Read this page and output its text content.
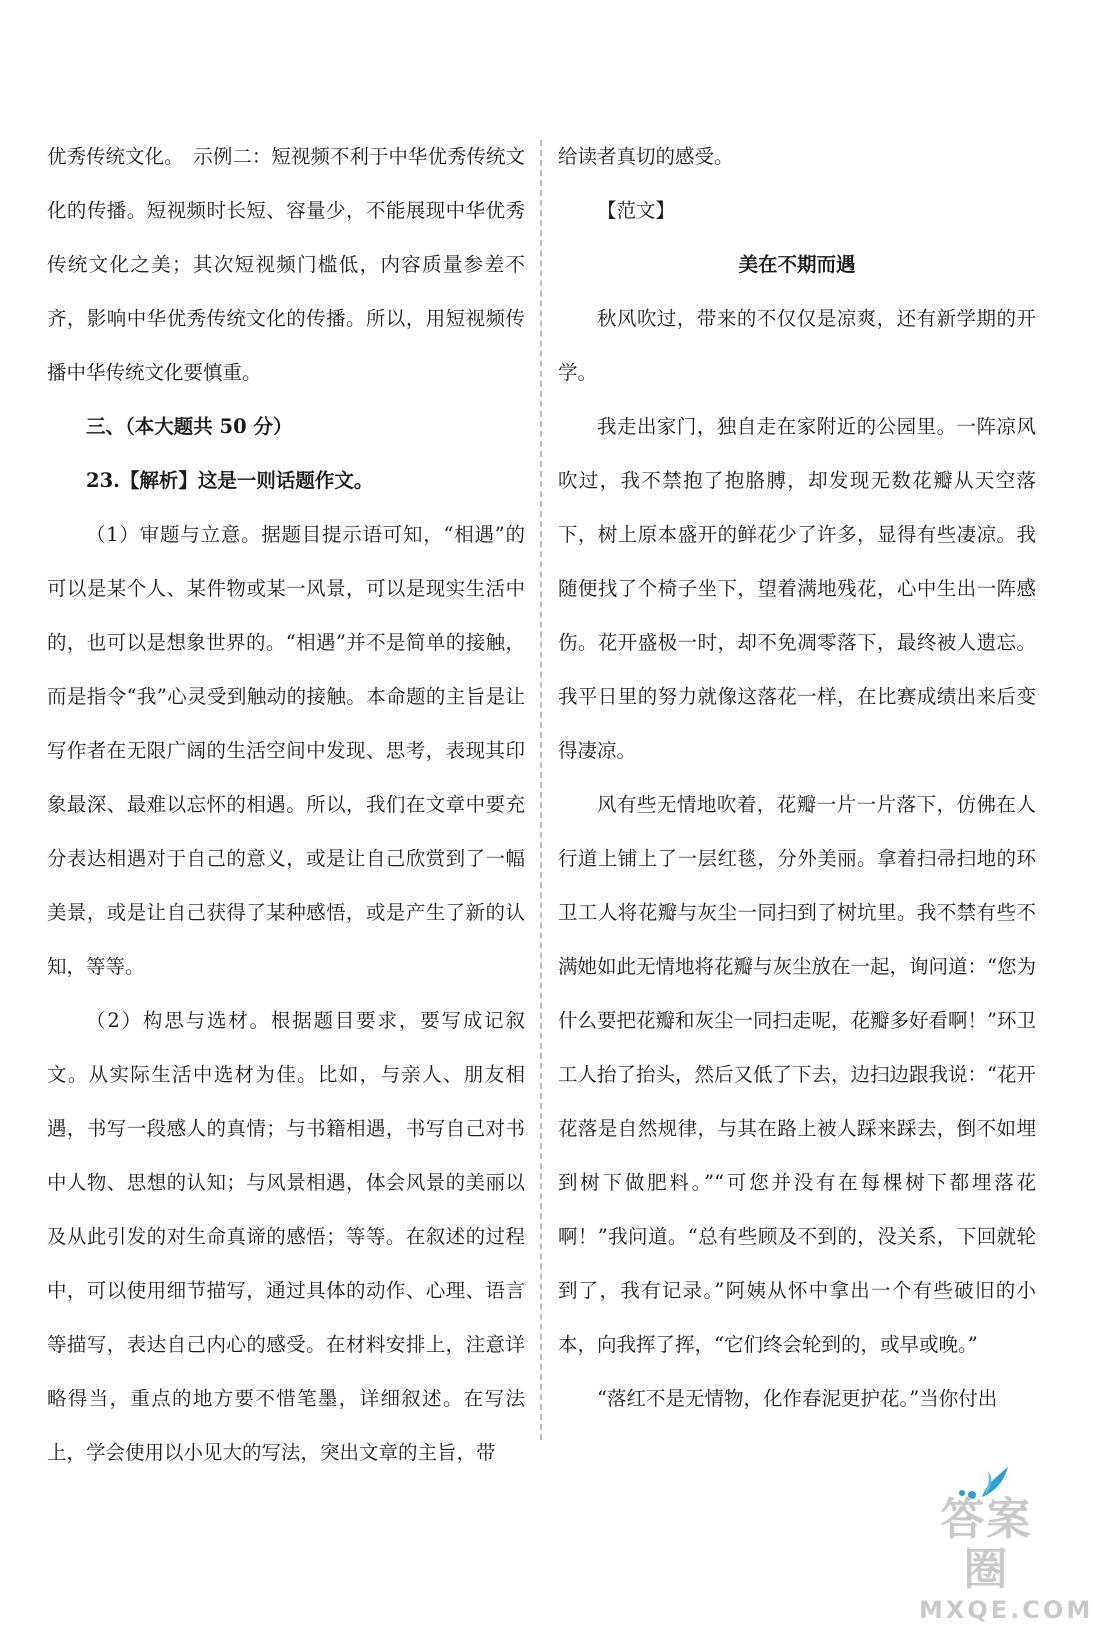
优秀传统文化。　示例二：短视频不利于中华优秀传统文化的传播。短视频时长短、容量少，不能展现中华优秀传统文化之美；其次短视频门槛低，内容质量参差不齐，影响中华优秀传统文化的传播。所以，用短视频传播中华传统文化要慎重。

三、（本大题共 50 分）

23.【解析】这是一则话题作文。

（1）审题与立意。据题目提示语可知，“相遇”的可以是某个人、某件物或某一风景，可以是现实生活中的，也可以是想象世界的。“相遇”并不是简单的接触，而是指令“我”心灵受到触动的接触。本命题的主旨是让写作者在无限广阔的生活空间中发现、思考，表现其印象最深、最难以忘怀的相遇。所以，我们在文章中要充分表达相遇对于自己的意义，或是让自己欣赏到了一幅美景，或是让自己获得了某种感悟，或是产生了新的认知，等等。

（2）构思与选材。根据题目要求，要写成记叙文。从实际生活中选材为佳。比如，与亲人、朋友相遇，书写一段感人的真情；与书籍相遇，书写自己对书中人物、思想的认知；与风景相遇，体会风景的美丽以及从此引发的对生命真谛的感悟；等等。在叙述的过程中，可以使用细节描写，通过具体的动作、心理、语言等描写，表达自己内心的感受。在材料安排上，注意详略得当，重点的地方要不惜笔墨，详细叙述。在写法上，学会使用以小见大的写法，突出文章的主旨，带

给读者真切的感受。

【范文】

美在不期而遇

秋风吹过，带来的不仅仅是凉爽，还有新学期的开学。

我走出家门，独自走在家附近的公园里。一阵凉风吹过，我不禁抱了抱胳膊，却发现无数花瓣从天空落下，树上原本盛开的鲜花少了许多，显得有些凄凉。我随便找了个椅子坐下，望着满地残花，心中生出一阵感伤。花开盛极一时，却不免凋零落下，最终被人遗忘。我平日里的努力就像这落花一样，在比赛成绩出来后变得凄凉。

风有些无情地吹着，花瓣一片一片落下，仿佛在人行道上铺上了一层红毯，分外美丽。拿着扫帚扫地的环卫工人将花瓣与灰尘一同扫到了树坑里。我不禁有些不满她如此无情地将花瓣与灰尘放在一起，询问道：“您为什么要把花瓣和灰尘一同扫走呢，花瓣多好看啊！”环卫工人抬了抬头，然后又低了下去，边扫边跟我说：“花开花落是自然规律，与其在路上被人踩来踩去，倒不如埋到树下做肥料。”“可您并没有在每棵树下都埋落花啊！”我问道。“总有些顾及不到的，没关系，下回就轮到了，我有记录。”阿姨从怀中拿出一个有些破旧的小本，向我挥了挥，“它们终会轮到的，或早或晚。”

“落红不是无情物，化作春泥更护花。”当你付出

答案圈
MXQE.COM
